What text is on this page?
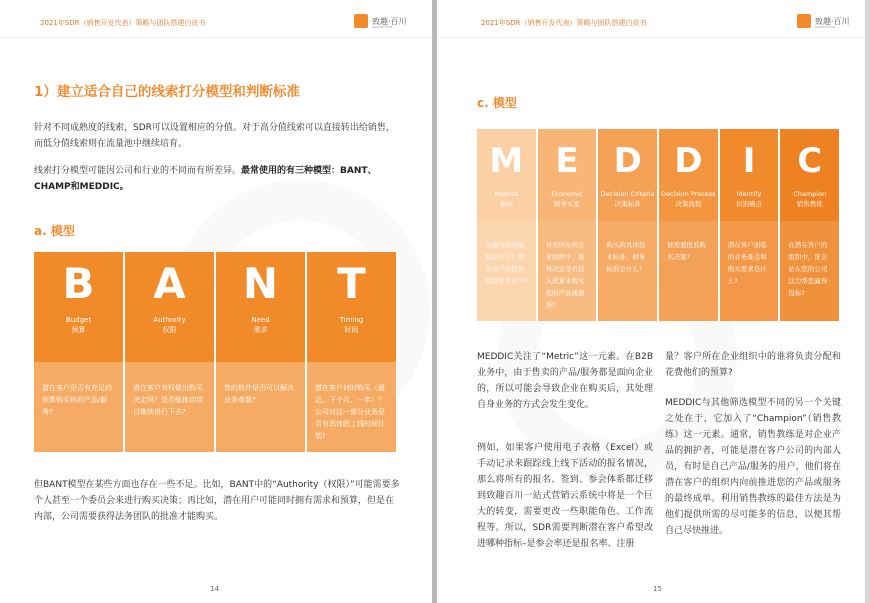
2021年SDR（销售开发代表）策略与团队搭建白皮书	致趣·百川
MARKETING
1）建立适合自己的线索打分模型和判断标准
针对不同成熟度的线索，SDR可以设置相应的分值。对于高分值线索可以直接转出给销售，而低分值线索则在流量池中继续培育。
线索打分模型可能因公司和行业的不同而有所差异。最常使用的有三种模型：BANT、CHAMP和MEDDIC。
a. 模型
B
Budget
预算
潜在客户是否有充足的预算购买你的产品/服务?
A
Authority
权限
潜在客户有权做出购买决定吗？是否能推动项目继续进行下去?
N
Need
需求
您的软件是否可以解决业务难题?
T
Timing
时间
潜在客户何时购买（最近、下个月、一年）？公司对这一部分业务是否有具体的上线时间计划?
但BANT模型在某些方面也存在一些不足。比如，BANT中的“Authority（权限）”可能需要多个人甚至一个委员会来进行购买决策；再比如，潜在用户可能同时拥有需求和预算，但是在内部，公司需要获得法务团队的批准才能购买。
14
2021年SDR（销售开发代表）策略与团队搭建白皮书	致趣·百川
MARKETING
c. 模型
M
Metrics
指标
关键的绩效指标是什么？潜在客户的投资回报率是多少?
E
Economic
财务买家
对方所在的企业组织中，谁将决定是否投入预算来购买您的产品或服务?
D
Decision Criteria
决策标准
购买的具体技术标准、财务标准是什么?
D
Decision Process
决策流程
谁需要批准购买决策?
I
Identify
识别痛点
潜在客户面临的业务难点和购买需求是什么?
C
Champion
销售教练
在潜在客户的组织中，谁会站在您的公司这边帮您赢得投标?
MEDDIC关注了“Metric”这一元素。在B2B业务中，由于售卖的产品/服务都是面向企业的，所以可能会导致企业在购买后，其处理自身业务的方式会发生变化。
例如，如果客户使用电子表格（Excel）或手动记录来跟踪线上线下活动的报名情况，那么将所有的报名、签到、参会体系都迁移到致趣百川一站式营销云系统中将是一个巨大的转变，需要更改一些职能角色、工作流程等。所以，SDR需要判断潜在客户希望改进哪种指标–是参会率还是报名率、注册
量？客户所在企业组织中的谁将负责分配和花费他们的预算?
MEDDIC与其他筛选模型不同的另一个关键之处在于，它加入了“Champion”（销售教练）这一元素。通常，销售教练是对企业产品的拥护者，可能是潜在客户公司的内部人员，有时是自己产品/服务的用户，他们将在潜在客户的组织内向前推进您的产品或服务的最终成单。利用销售教练的最佳方法是为他们提供所需的尽可能多的信息，以便其帮自己尽快推进。
15
